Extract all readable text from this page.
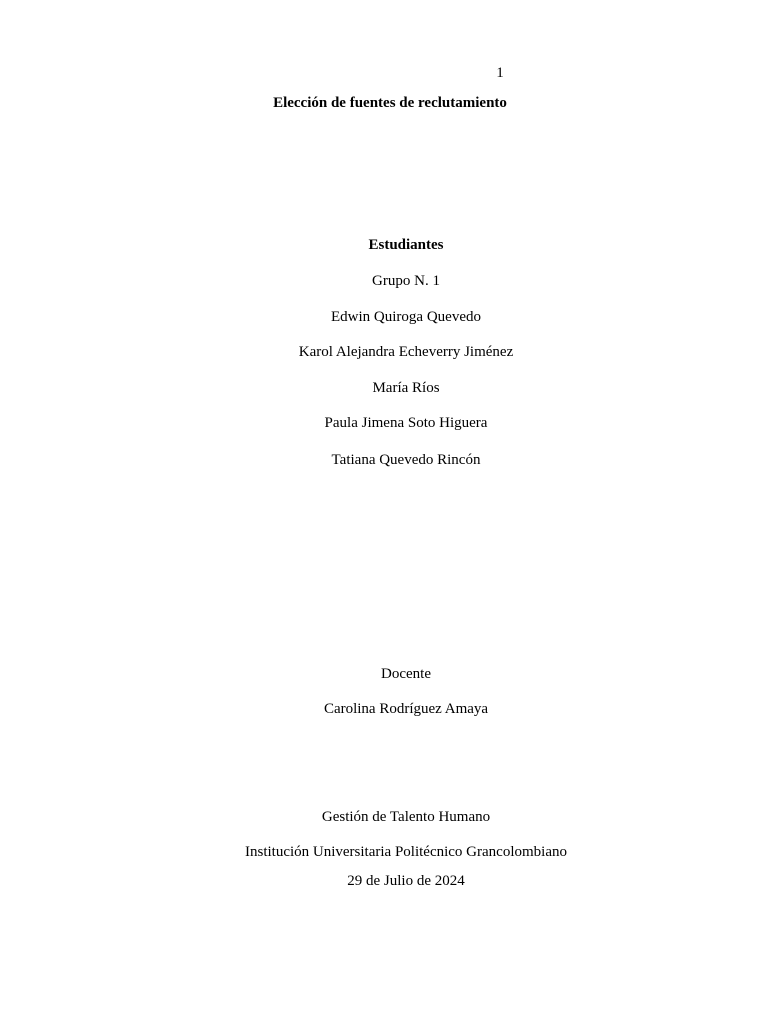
1
Elección de fuentes de reclutamiento
Estudiantes
Grupo N. 1
Edwin Quiroga Quevedo
Karol Alejandra Echeverry Jiménez
María Ríos
Paula Jimena Soto Higuera
Tatiana Quevedo Rincón
Docente
Carolina Rodríguez Amaya
Gestión de Talento Humano
Institución Universitaria Politécnico Grancolombiano
29 de Julio de 2024
